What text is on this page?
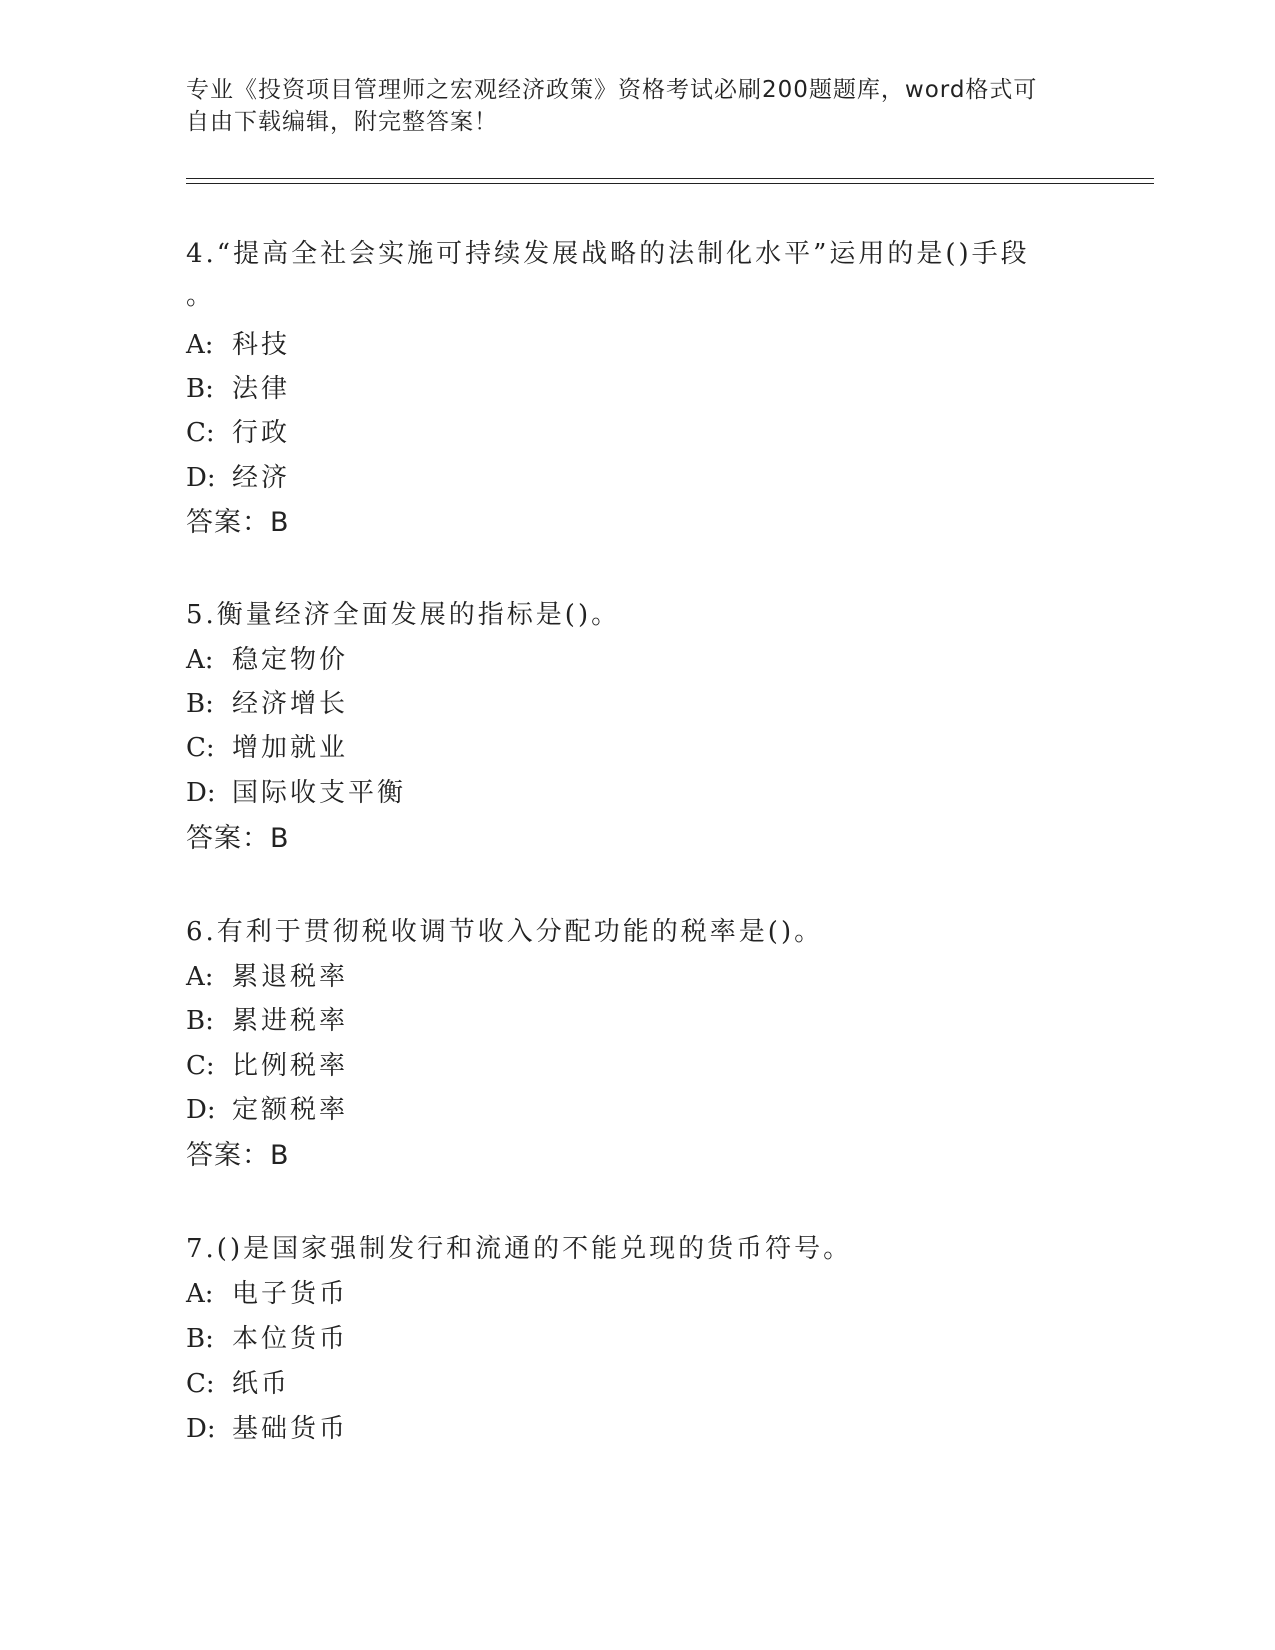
专业《投资项目管理师之宏观经济政策》资格考试必刷200题题库，word格式可
自由下载编辑，附完整答案！
4.“提高全社会实施可持续发展战略的法制化水平”运用的是()手段
。
A: 科技
B: 法律
C: 行政
D: 经济
答案：B
5.衡量经济全面发展的指标是()。
A: 稳定物价
B: 经济增长
C: 增加就业
D: 国际收支平衡
答案：B
6.有利于贯彻税收调节收入分配功能的税率是()。
A: 累退税率
B: 累进税率
C: 比例税率
D: 定额税率
答案：B
7.()是国家强制发行和流通的不能兑现的货币符号。
A: 电子货币
B: 本位货币
C: 纸币
D: 基础货币
